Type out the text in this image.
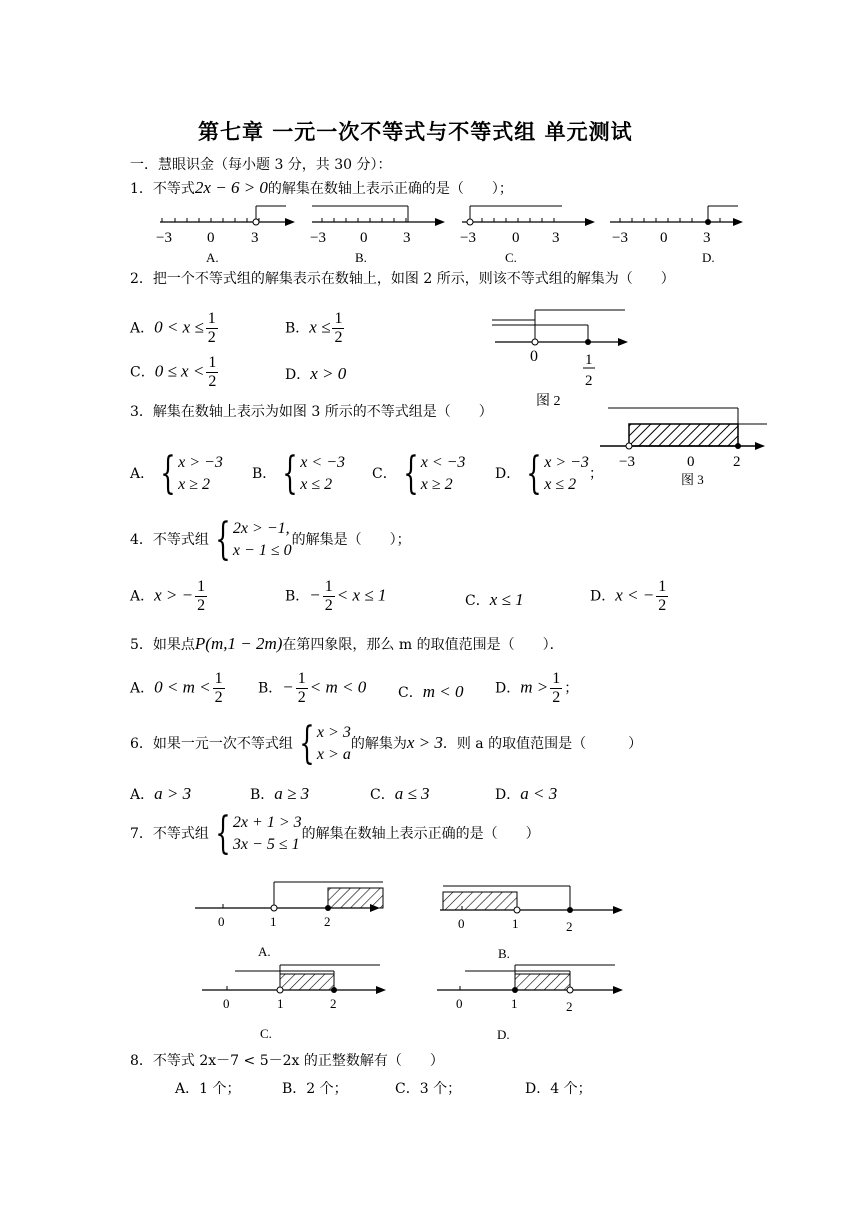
第七章 一元一次不等式与不等式组 单元测试
一．慧眼识金（每小题 3 分，共 30 分）：
1．不等式2x − 6 > 0的解集在数轴上表示正确的是（　　）；
−3 0 3
A.
−3 0 3
B.
−3 0 3
C.
−3 0 3
D.
2．把一个不等式组的解集表示在数轴上，如图 2 所示，则该不等式组的解集为（　　）
A．$0 < x \le \frac{1}{2}$	B．$x \le \frac{1}{2}$
C．$0 \le x < \frac{1}{2}$	D．x > 0
0	1
2
图 2
3．解集在数轴上表示为如图 3 所示的不等式组是（　　）
−3	0	2
图 3
A． { x > −3
x ≥ 2
B． { x < −3
x ≤ 2
C． { x < −3
x ≥ 2
D． { x > −3
x ≤ 2
；
4．不等式组 { 2x > −1,
x − 1 ≤ 0
的解集是（　　）；
A．x > − $\frac{1}{2}$	B．− $\frac{1}{2} < x \le 1$	C．x ≤ 1	D．x < − $\frac{1}{2}$
5．如果点P(m,1 − 2m)在第四象限，那么 m 的取值范围是（　　）．
A．$0 < m < \frac{1}{2}$ B．− $\frac{1}{2} < m < 0$ C．m < 0 D．$m > \frac{1}{2}$ ；
6．如果一元一次不等式组 { x > 3
x > a
的解集为x > 3．则 a 的取值范围是（　　　）
A．a > 3	B．a ≥ 3	C．a ≤ 3	D．a < 3
7．不等式组 { 2x + 1 > 3
3x − 5 ≤ 1
的解集在数轴上表示正确的是（　　）
0	1	2
A.
0	1	2
B.
0	1	2
C.
0	1	2
D.
8．不等式 2x－7 < 5－2x 的正整数解有（　　）
A．1 个；	B．2 个；	C．3 个；	D．4 个；
